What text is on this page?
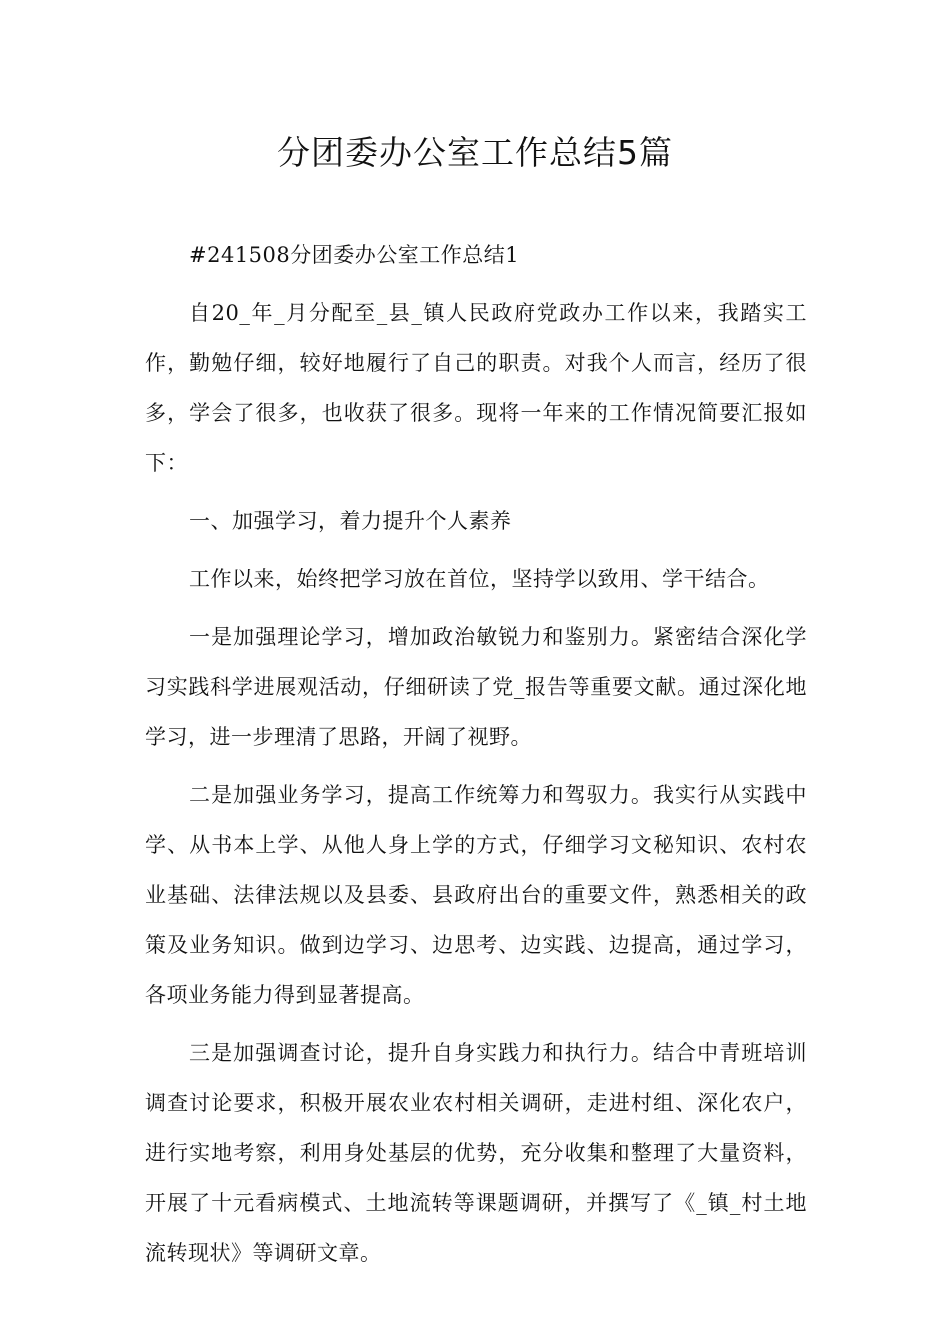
分团委办公室工作总结5篇

#241508分团委办公室工作总结1

自20_年_月分配至_县_镇人民政府党政办工作以来，我踏实工作，勤勉仔细，较好地履行了自己的职责。对我个人而言，经历了很多，学会了很多，也收获了很多。现将一年来的工作情况简要汇报如下：

一、加强学习，着力提升个人素养

工作以来，始终把学习放在首位，坚持学以致用、学干结合。

一是加强理论学习，增加政治敏锐力和鉴别力。紧密结合深化学习实践科学进展观活动，仔细研读了党_报告等重要文献。通过深化地学习，进一步理清了思路，开阔了视野。

二是加强业务学习，提高工作统筹力和驾驭力。我实行从实践中学、从书本上学、从他人身上学的方式，仔细学习文秘知识、农村农业基础、法律法规以及县委、县政府出台的重要文件，熟悉相关的政策及业务知识。做到边学习、边思考、边实践、边提高，通过学习，各项业务能力得到显著提高。

三是加强调查讨论，提升自身实践力和执行力。结合中青班培训调查讨论要求，积极开展农业农村相关调研，走进村组、深化农户，进行实地考察，利用身处基层的优势，充分收集和整理了大量资料，开展了十元看病模式、土地流转等课题调研，并撰写了《_镇_村土地流转现状》等调研文章。
